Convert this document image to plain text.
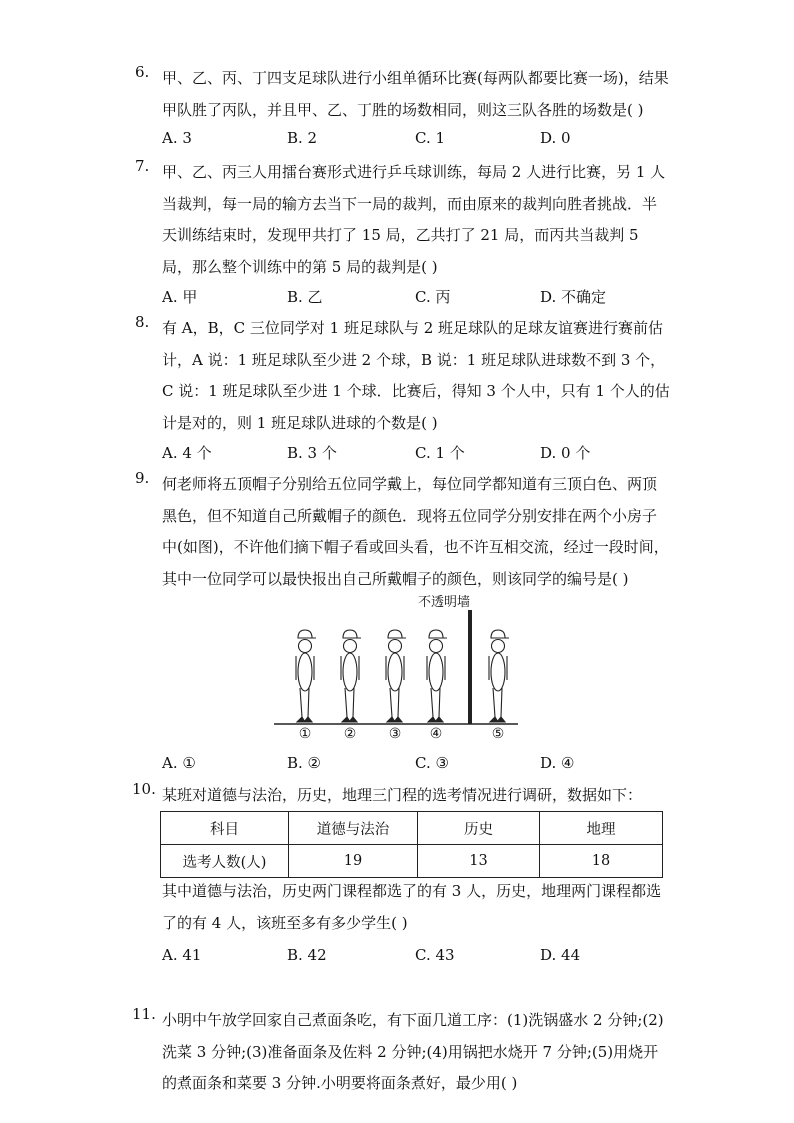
6. 甲、乙、丙、丁四支足球队进行小组单循环比赛(每两队都要比赛一场)，结果甲队胜了丙队，并且甲、乙、丁胜的场数相同，则这三队各胜的场数是( )
A. 3	B. 2	C. 1	D. 0
7. 甲、乙、丙三人用擂台赛形式进行乒乓球训练，每局 2 人进行比赛，另 1 人当裁判，每一局的输方去当下一局的裁判，而由原来的裁判向胜者挑战．半天训练结束时，发现甲共打了 15 局，乙共打了 21 局，而丙共当裁判 5 局，那么整个训练中的第 5 局的裁判是( )
A. 甲	B. 乙	C. 丙	D. 不确定
8. 有 A，B，C 三位同学对 1 班足球队与 2 班足球队的足球友谊赛进行赛前估计，A 说：1 班足球队至少进 2 个球，B 说：1 班足球队进球数不到 3 个，C 说：1 班足球队至少进 1 个球．比赛后，得知 3 个人中，只有 1 个人的估计是对的，则 1 班足球队进球的个数是( )
A. 4 个	B. 3 个	C. 1 个	D. 0 个
9. 何老师将五顶帽子分别给五位同学戴上，每位同学都知道有三顶白色、两顶黑色，但不知道自己所戴帽子的颜色．现将五位同学分别安排在两个小房子中(如图)，不许他们摘下帽子看或回头看，也不许互相交流，经过一段时间，其中一位同学可以最快报出自己所戴帽子的颜色，则该同学的编号是( )
A. ①	B. ②	C. ③	D. ④
不透明墙
① ② ③ ④	⑤
10. 某班对道德与法治，历史，地理三门程的选考情况进行调研，数据如下：
其中道德与法治，历史两门课程都选了的有 3 人，历史，地理两门课程都选了的有 4 人，该班至多有多少学生( )
A. 41	B. 42	C. 43	D. 44
科目	道德与法治	历史	地理
选考人数(人)	19	13	18
11. 小明中午放学回家自己煮面条吃，有下面几道工序：(1)洗锅盛水 2 分钟;(2)洗菜 3 分钟;(3)准备面条及佐料 2 分钟;(4)用锅把水烧开 7 分钟;(5)用烧开的煮面条和菜要 3 分钟.小明要将面条煮好，最少用( )
